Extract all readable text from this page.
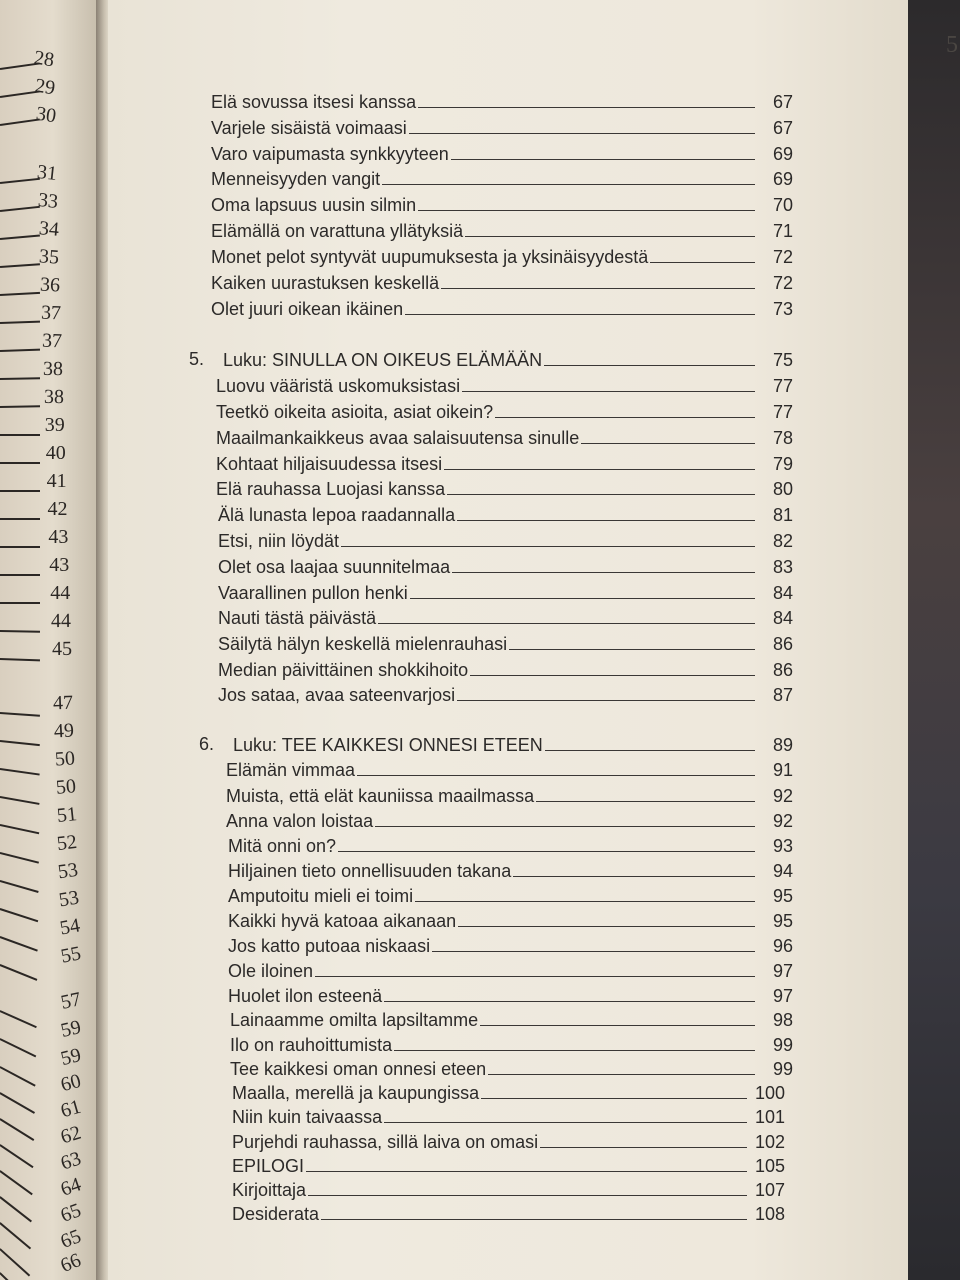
28
29
30
31
33
34
35
36
37
37
38
38
39
40
41
42
43
43
44
44
45
47
49
50
50
51
52
53
53
54
55
57
59
59
60
61
62
63
64
65
65
66
5
Elä sovussa itsesi kanssa	67
Varjele sisäistä voimaasi	67
Varo vaipumasta synkkyyteen	69
Menneisyyden vangit	69
Oma lapsuus uusin silmin	70
Elämällä on varattuna yllätyksiä	71
Monet pelot syntyvät uupumuksesta ja yksinäisyydestä	72
Kaiken uurastuksen keskellä	72
Olet juuri oikean ikäinen	73
5.	Luku: SINULLA ON OIKEUS ELÄMÄÄN	75
Luovu vääristä uskomuksistasi	77
Teetkö oikeita asioita, asiat oikein?	77
Maailmankaikkeus avaa salaisuutensa sinulle	78
Kohtaat hiljaisuudessa itsesi	79
Elä rauhassa Luojasi kanssa	80
Älä lunasta lepoa raadannalla	81
Etsi, niin löydät	82
Olet osa laajaa suunnitelmaa	83
Vaarallinen pullon henki	84
Nauti tästä päivästä	84
Säilytä hälyn keskellä mielenrauhasi	86
Median päivittäinen shokkihoito	86
Jos sataa, avaa sateenvarjosi	87
6.	Luku: TEE KAIKKESI ONNESI ETEEN	89
Elämän vimmaa	91
Muista, että elät kauniissa maailmassa	92
Anna valon loistaa	92
Mitä onni on?	93
Hiljainen tieto onnellisuuden takana	94
Amputoitu mieli ei toimi	95
Kaikki hyvä katoaa aikanaan	95
Jos katto putoaa niskaasi	96
Ole iloinen	97
Huolet ilon esteenä	97
Lainaamme omilta lapsiltamme	98
Ilo on rauhoittumista	99
Tee kaikkesi oman onnesi eteen	99
Maalla, merellä ja kaupungissa	100
Niin kuin taivaassa	101
Purjehdi rauhassa, sillä laiva on omasi	102
EPILOGI	105
Kirjoittaja	107
Desiderata	108
